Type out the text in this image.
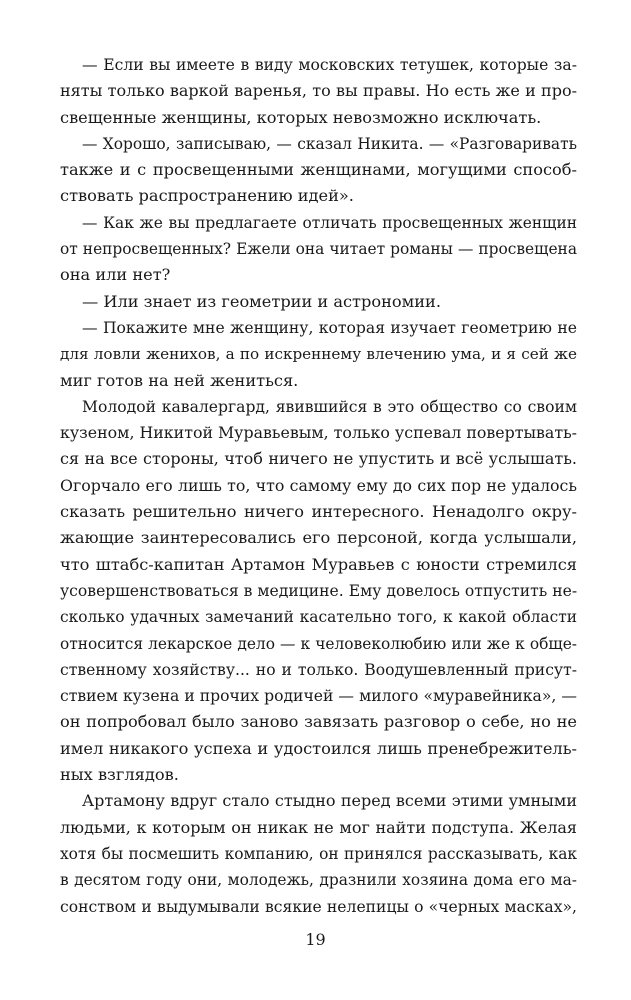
— Если вы имеете в виду московских тетушек, которые за-
няты только варкой варенья, то вы правы. Но есть же и про-
свещенные женщины, которых невозможно исключать.
— Хорошо, записываю, — сказал Никита. — «Разговаривать
также и с просвещенными женщинами, могущими способ-
ствовать распространению идей».
— Как же вы предлагаете отличать просвещенных женщин
от непросвещенных? Ежели она читает романы — просвещена
она или нет?
— Или знает из геометрии и астрономии.
— Покажите мне женщину, которая изучает геометрию не
для ловли женихов, а по искреннему влечению ума, и я сей же
миг готов на ней жениться.
Молодой кавалергард, явившийся в это общество со своим
кузеном, Никитой Муравьевым, только успевал повертывать-
ся на все стороны, чтоб ничего не упустить и всё услышать.
Огорчало его лишь то, что самому ему до сих пор не удалось
сказать решительно ничего интересного. Ненадолго окру-
жающие заинтересовались его персоной, когда услышали,
что штабс-капитан Артамон Муравьев с юности стремился
усовершенствоваться в медицине. Ему довелось отпустить не-
сколько удачных замечаний касательно того, к какой области
относится лекарское дело — к человеколюбию или же к обще-
ственному хозяйству... но и только. Воодушевленный присут-
ствием кузена и прочих родичей — милого «муравейника», —
он попробовал было заново завязать разговор о себе, но не
имел никакого успеха и удостоился лишь пренебрежитель-
ных взглядов.
Артамону вдруг стало стыдно перед всеми этими умными
людьми, к которым он никак не мог найти подступа. Желая
хотя бы посмешить компанию, он принялся рассказывать, как
в десятом году они, молодежь, дразнили хозяина дома его ма-
сонством и выдумывали всякие нелепицы о «черных масках»,
19
